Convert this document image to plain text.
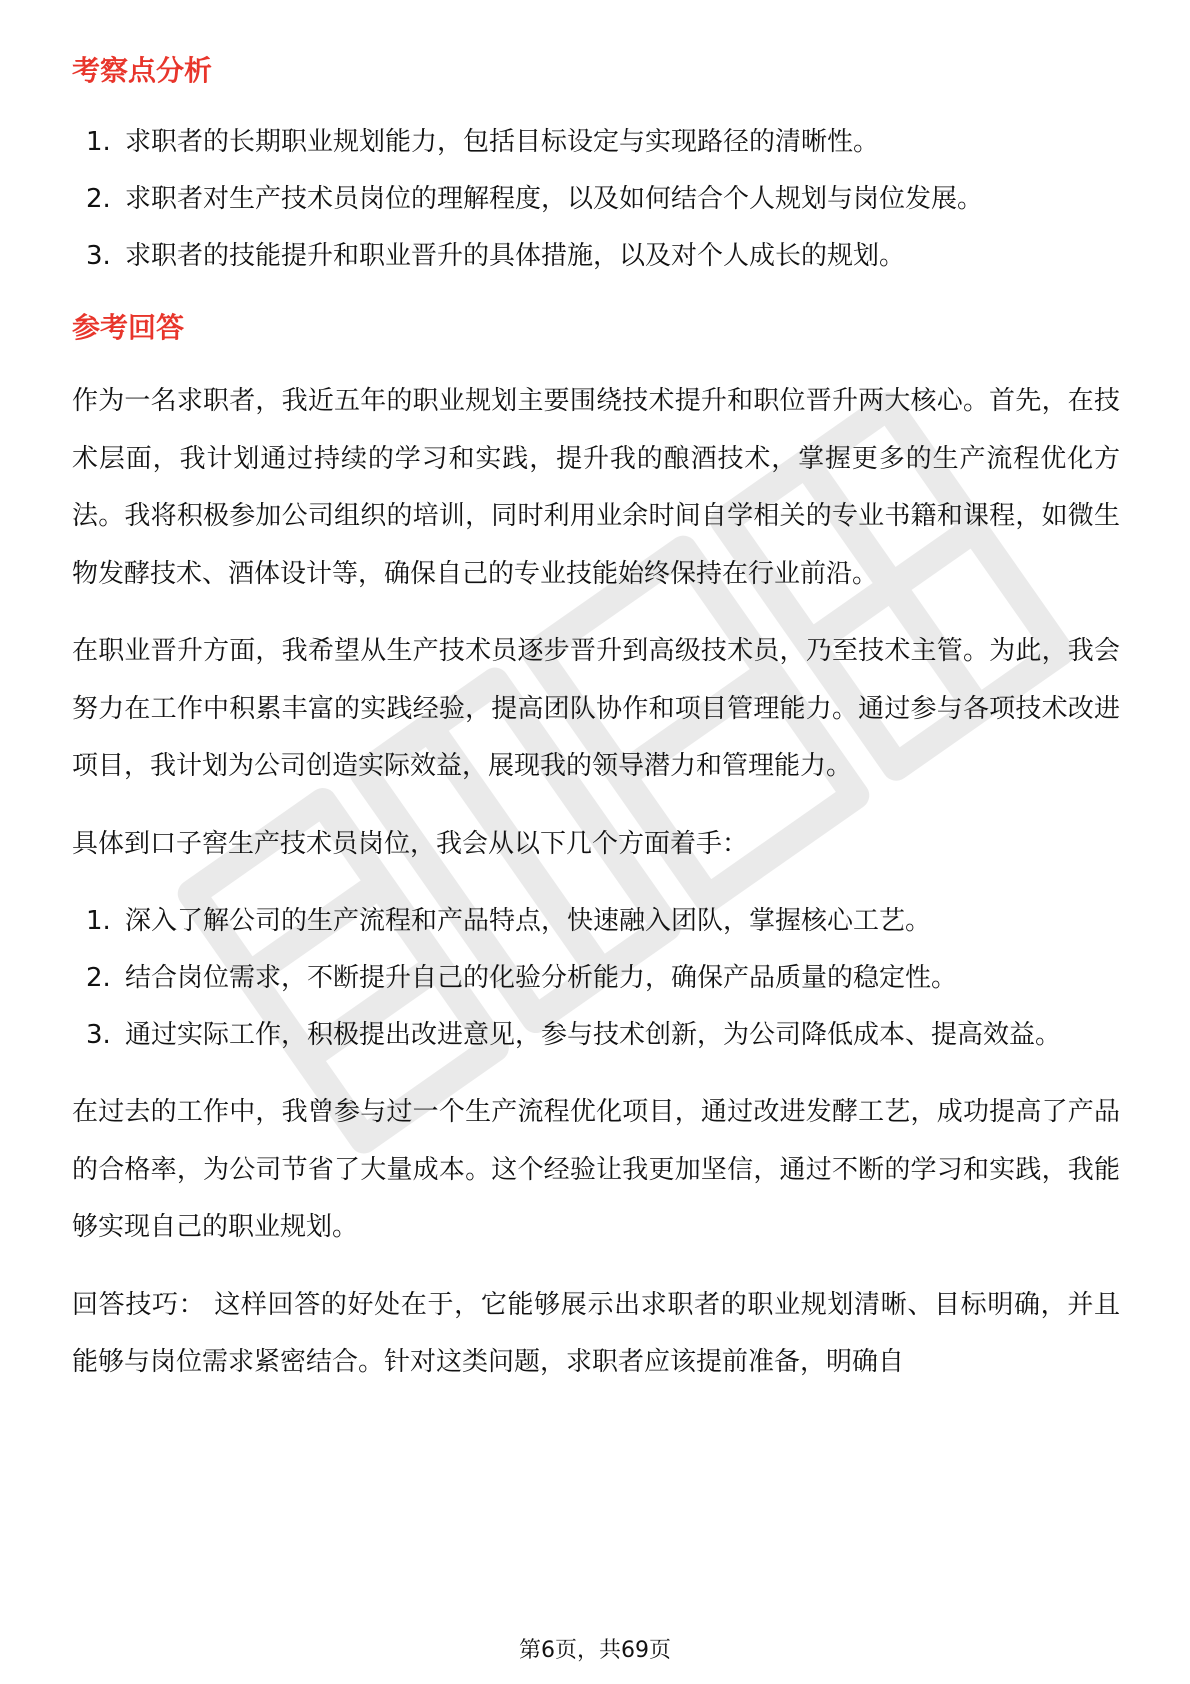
考察点分析
1. 求职者的长期职业规划能力，包括目标设定与实现路径的清晰性。
2. 求职者对生产技术员岗位的理解程度，以及如何结合个人规划与岗位发展。
3. 求职者的技能提升和职业晋升的具体措施，以及对个人成长的规划。
参考回答

作为一名求职者，我近五年的职业规划主要围绕技术提升和职位晋升两大核心。首先，在技术层面，我计划通过持续的学习和实践，提升我的酿酒技术，掌握更多的生产流程优化方法。我将积极参加公司组织的培训，同时利用业余时间自学相关的专业书籍和课程，如微生物发酵技术、酒体设计等，确保自己的专业技能始终保持在行业前沿。

在职业晋升方面，我希望从生产技术员逐步晋升到高级技术员，乃至技术主管。为此，我会努力在工作中积累丰富的实践经验，提高团队协作和项目管理能力。通过参与各项技术改进项目，我计划为公司创造实际效益，展现我的领导潜力和管理能力。

具体到口子窖生产技术员岗位，我会从以下几个方面着手：

1. 深入了解公司的生产流程和产品特点，快速融入团队，掌握核心工艺。
2. 结合岗位需求，不断提升自己的化验分析能力，确保产品质量的稳定性。
3. 通过实际工作，积极提出改进意见，参与技术创新，为公司降低成本、提高效益。

在过去的工作中，我曾参与过一个生产流程优化项目，通过改进发酵工艺，成功提高了产品的合格率，为公司节省了大量成本。这个经验让我更加坚信，通过不断的学习和实践，我能够实现自己的职业规划。

回答技巧： 这样回答的好处在于，它能够展示出求职者的职业规划清晰、目标明确，并且能够与岗位需求紧密结合。针对这类问题，求职者应该提前准备，明确自

第6页，共69页
